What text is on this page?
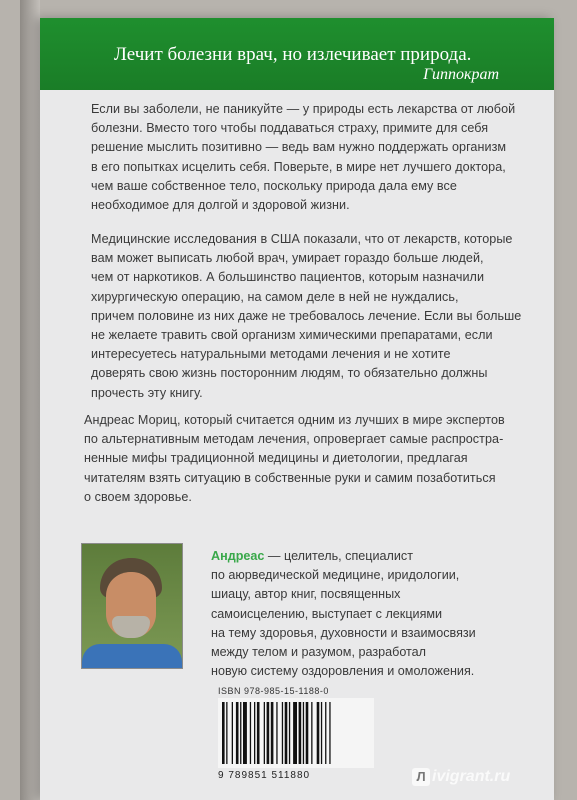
Лечит болезни врач, но излечивает природа.
Гиппократ

Если вы заболели, не паникуйте — у природы есть лекарства от любой

болезни. Вместо того чтобы поддаваться страху, примите для себя

решение мыслить позитивно — ведь вам нужно поддержать организм

в его попытках исцелить себя. Поверьте, в мире нет лучшего доктора,

чем ваше собственное тело, поскольку природа дала ему все

необходимое для долгой и здоровой жизни.

Медицинские исследования в США показали, что от лекарств, которые

вам может выписать любой врач, умирает гораздо больше людей,

чем от наркотиков. А большинство пациентов, которым назначили

хирургическую операцию, на самом деле в ней не нуждались,

причем половине из них даже не требовалось лечение. Если вы больше

не желаете травить свой организм химическими препаратами, если

интересуетесь натуральными методами лечения и не хотите

доверять свою жизнь посторонним людям, то обязательно должны

прочесть эту книгу.

Андреас Мориц, который считается одним из лучших в мире экспертов

по альтернативным методам лечения, опровергает самые распростра-

ненные мифы традиционной медицины и диетологии, предлагая

читателям взять ситуацию в собственные руки и самим позаботиться

о своем здоровье.

Андреас — целитель, специалист

по аюрведической медицине, иридологии,

шиацу, автор книг, посвященных

самоисцелению, выступает с лекциями

на тему здоровья, духовности и взаимосвязи

между телом и разумом, разработал

новую систему оздоровления и омоложения.

ISBN 978-985-15-1188-0
9 789851 511880	Л ivigrant.ru
